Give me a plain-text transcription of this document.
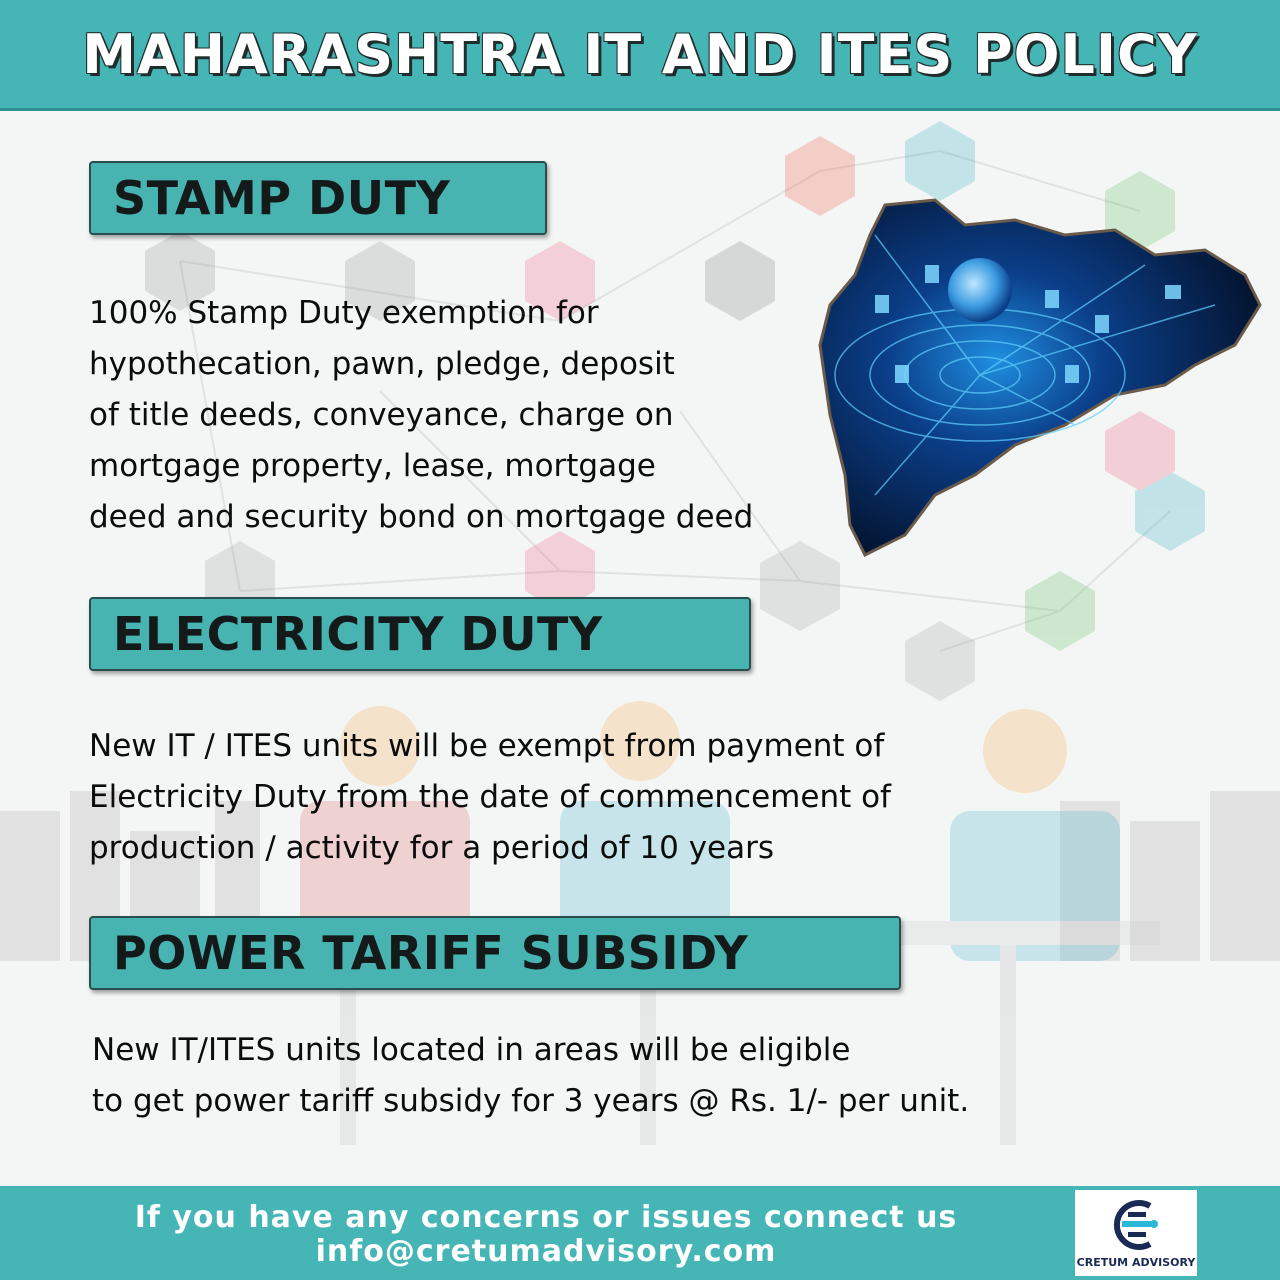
MAHARASHTRA IT AND ITES POLICY
STAMP DUTY
100% Stamp Duty exemption for
hypothecation, pawn, pledge, deposit
of title deeds, conveyance, charge on
mortgage property, lease, mortgage
deed and security bond on mortgage deed
ELECTRICITY DUTY
New IT / ITES units will be exempt from payment of
Electricity Duty from the date of commencement of
production / activity for a period of 10 years
POWER TARIFF SUBSIDY
New IT/ITES units located in areas will be eligible
to get power tariff subsidy for 3 years @ Rs. 1/- per unit.
If you have any concerns or issues connect us
info@cretumadvisory.com	CRETUM ADVISORY
